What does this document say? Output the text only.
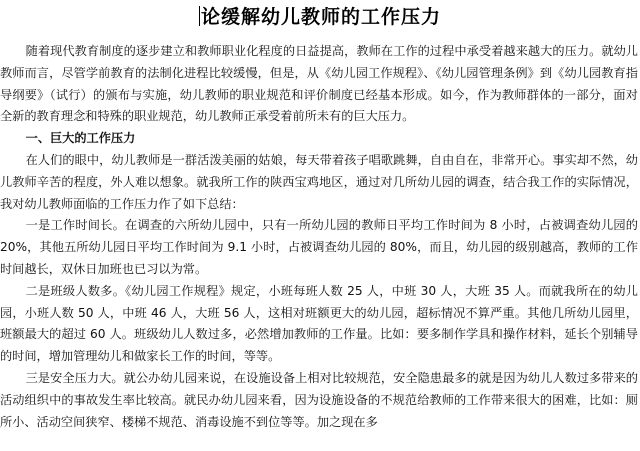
论缓解幼儿教师的工作压力

随着现代教育制度的逐步建立和教师职业化程度的日益提高，教师在工作的过程中承受着越来越大的压力。就幼儿教师而言，尽管学前教育的法制化进程比较缓慢，但是，从《幼儿园工作规程》、《幼儿园管理条例》到《幼儿园教育指导纲要》（试行）的颁布与实施，幼儿教师的职业规范和评价制度已经基本形成。如今，作为教师群体的一部分，面对全新的教育理念和特殊的职业规范，幼儿教师正承受着前所未有的巨大压力。

一、巨大的工作压力

在人们的眼中，幼儿教师是一群活泼美丽的姑娘，每天带着孩子唱歌跳舞，自由自在，非常开心。事实却不然，幼儿教师辛苦的程度，外人难以想象。就我所工作的陕西宝鸡地区，通过对几所幼儿园的调查，结合我工作的实际情况，我对幼儿教师面临的工作压力作了如下总结：

一是工作时间长。在调查的六所幼儿园中，只有一所幼儿园的教师日平均工作时间为 8 小时，占被调查幼儿园的 20%，其他五所幼儿园日平均工作时间为 9.1 小时，占被调查幼儿园的 80%，而且，幼儿园的级别越高，教师的工作时间越长，双休日加班也已习以为常。

二是班级人数多。《幼儿园工作规程》规定，小班每班人数 25 人，中班 30 人，大班 35 人。而就我所在的幼儿园，小班人数 50 人，中班 46 人，大班 56 人，这相对班额更大的幼儿园，超标情况不算严重。其他几所幼儿园里，班额最大的超过 60 人。班级幼儿人数过多，必然增加教师的工作量。比如：要多制作学具和操作材料，延长个别辅导的时间，增加管理幼儿和做家长工作的时间，等等。

三是安全压力大。就公办幼儿园来说，在设施设备上相对比较规范，安全隐患最多的就是因为幼儿人数过多带来的活动组织中的事故发生率比较高。就民办幼儿园来看，因为设施设备的不规范给教师的工作带来很大的困难，比如：厕所小、活动空间狭窄、楼梯不规范、消毒设施不到位等等。加之现在多
